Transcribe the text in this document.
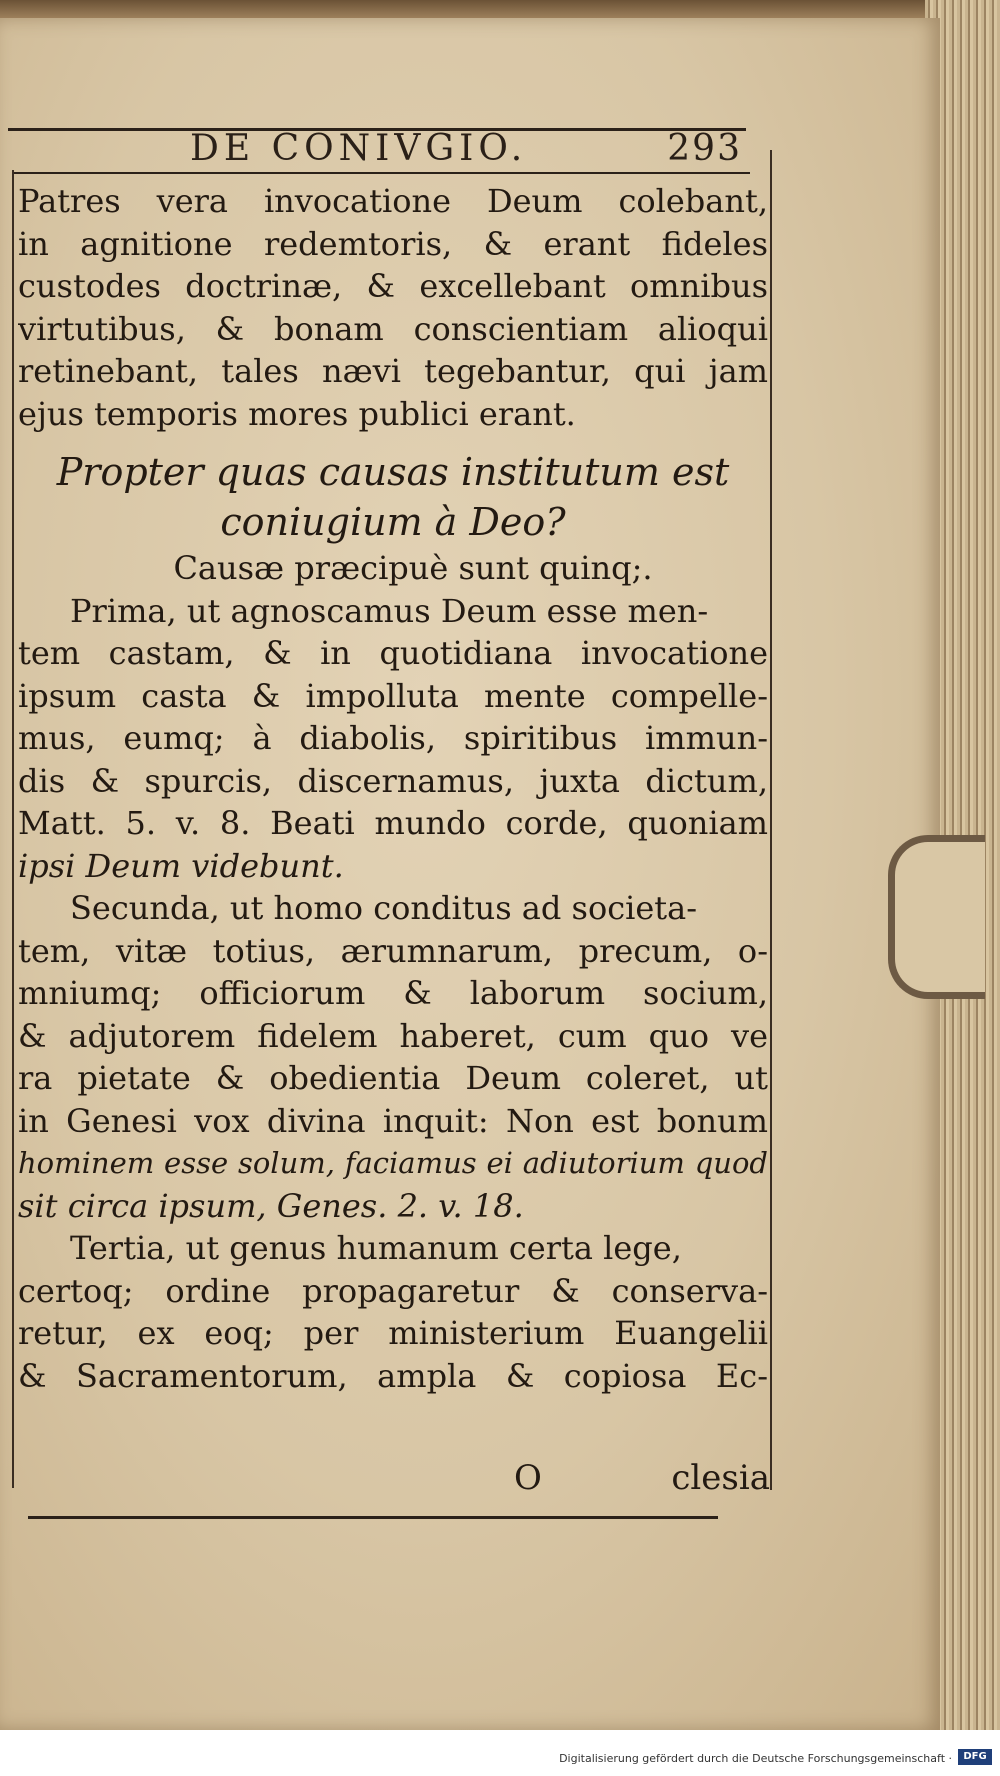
DE CONIVGIO.	293
Patres vera invocatione Deum colebant,
in agnitione redemtoris, & erant fideles
custodes doctrinæ, & excellebant omnibus
virtutibus, & bonam conscientiam alioqui
retinebant, tales nævi tegebantur, qui jam
ejus temporis mores publici erant.
Propter quas causas institutum est
coniugium à Deo?
Causæ præcipuè sunt quinq;.
Prima, ut agnoscamus Deum esse men-
tem castam, & in quotidiana invocatione
ipsum casta & impolluta mente compelle-
mus, eumq; à diabolis, spiritibus immun-
dis & spurcis, discernamus, juxta dictum,
Matt. 5. v. 8. Beati mundo corde, quoniam
ipsi Deum videbunt.
Secunda, ut homo conditus ad societa-
tem, vitæ totius, ærumnarum, precum, o-
mniumq; officiorum & laborum socium,
& adjutorem fidelem haberet, cum quo ve
ra pietate & obedientia Deum coleret, ut
in Genesi vox divina inquit: Non est bonum
hominem esse solum, faciamus ei adiutorium quod
sit circa ipsum, Genes. 2. v. 18.
Tertia, ut genus humanum certa lege,
certoq; ordine propagaretur & conserva-
retur, ex eoq; per ministerium Euangelii
& Sacramentorum, ampla & copiosa Ec-
O	clesia
Digitalisierung gefördert durch die Deutsche Forschungsgemeinschaft ·	DFG
